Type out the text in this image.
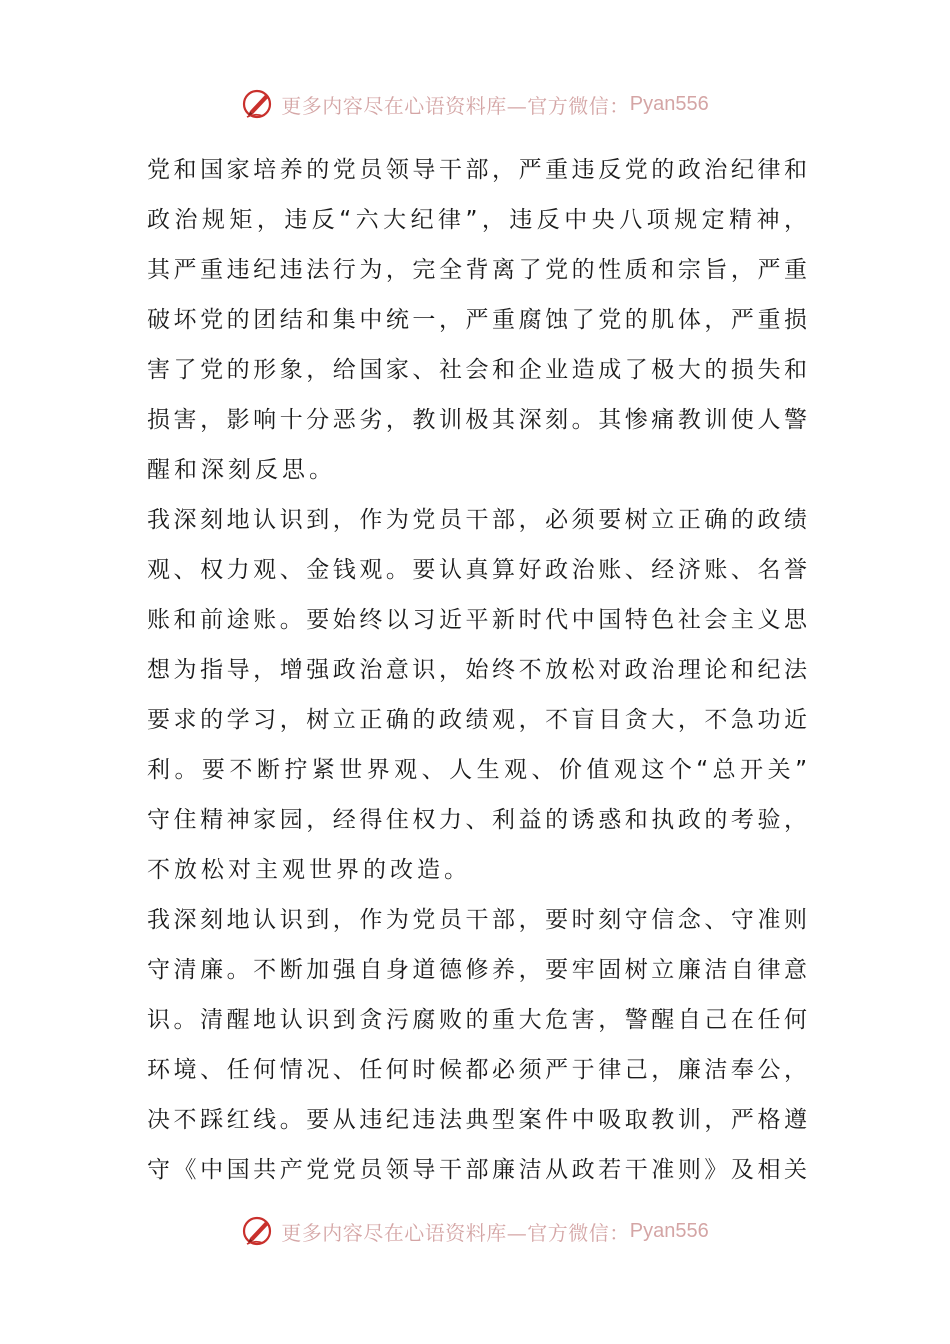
更多内容尽在心语资料库—官方微信： Pyan556
党和国家培养的党员领导干部，严重违反党的政治纪律和
政治规矩，违反“六大纪律”，违反中央八项规定精神，
其严重违纪违法行为，完全背离了党的性质和宗旨，严重
破坏党的团结和集中统一，严重腐蚀了党的肌体，严重损
害了党的形象，给国家、社会和企业造成了极大的损失和
损害，影响十分恶劣，教训极其深刻。其惨痛教训使人警
醒和深刻反思。
我深刻地认识到，作为党员干部，必须要树立正确的政绩
观、权力观、金钱观。要认真算好政治账、经济账、名誉
账和前途账。要始终以习近平新时代中国特色社会主义思
想为指导，增强政治意识，始终不放松对政治理论和纪法
要求的学习，树立正确的政绩观，不盲目贪大，不急功近
利。要不断拧紧世界观、人生观、价值观这个“总开关”
守住精神家园，经得住权力、利益的诱惑和执政的考验，
不放松对主观世界的改造。
我深刻地认识到，作为党员干部，要时刻守信念、守准则
守清廉。不断加强自身道德修养，要牢固树立廉洁自律意
识。清醒地认识到贪污腐败的重大危害，警醒自己在任何
环境、任何情况、任何时候都必须严于律己，廉洁奉公，
决不踩红线。要从违纪违法典型案件中吸取教训，严格遵
守《中国共产党党员领导干部廉洁从政若干准则》及相关
更多内容尽在心语资料库—官方微信： Pyan556
